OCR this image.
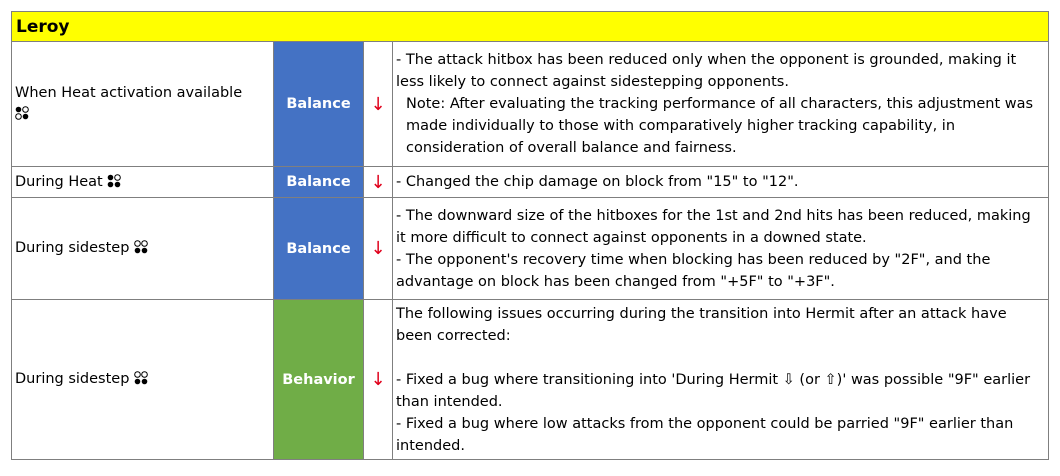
Leroy			
When Heat activation available	Balance	↓	- The attack hitbox has been reduced only when the opponent is grounded, making it less likely to connect against sidestepping opponents.
Note: After evaluating the tracking performance of all characters, this adjustment was made individually to those with comparatively higher tracking capability, in consideration of overall balance and fairness.

During Heat	Balance	↓	- Changed the chip damage on block from "15" to "12".

During sidestep	Balance	↓	- The downward size of the hitboxes for the 1st and 2nd hits has been reduced, making it more difficult to connect against opponents in a downed state.
- The opponent's recovery time when blocking has been reduced by "2F", and the advantage on block has been changed from "+5F" to "+3F".

During sidestep	Behavior	↓	The following issues occurring during the transition into Hermit after an attack have been corrected:
- Fixed a bug where transitioning into 'During Hermit ⇩ (or ⇧)' was possible "9F" earlier than intended.
- Fixed a bug where low attacks from the opponent could be parried "9F" earlier than intended.
